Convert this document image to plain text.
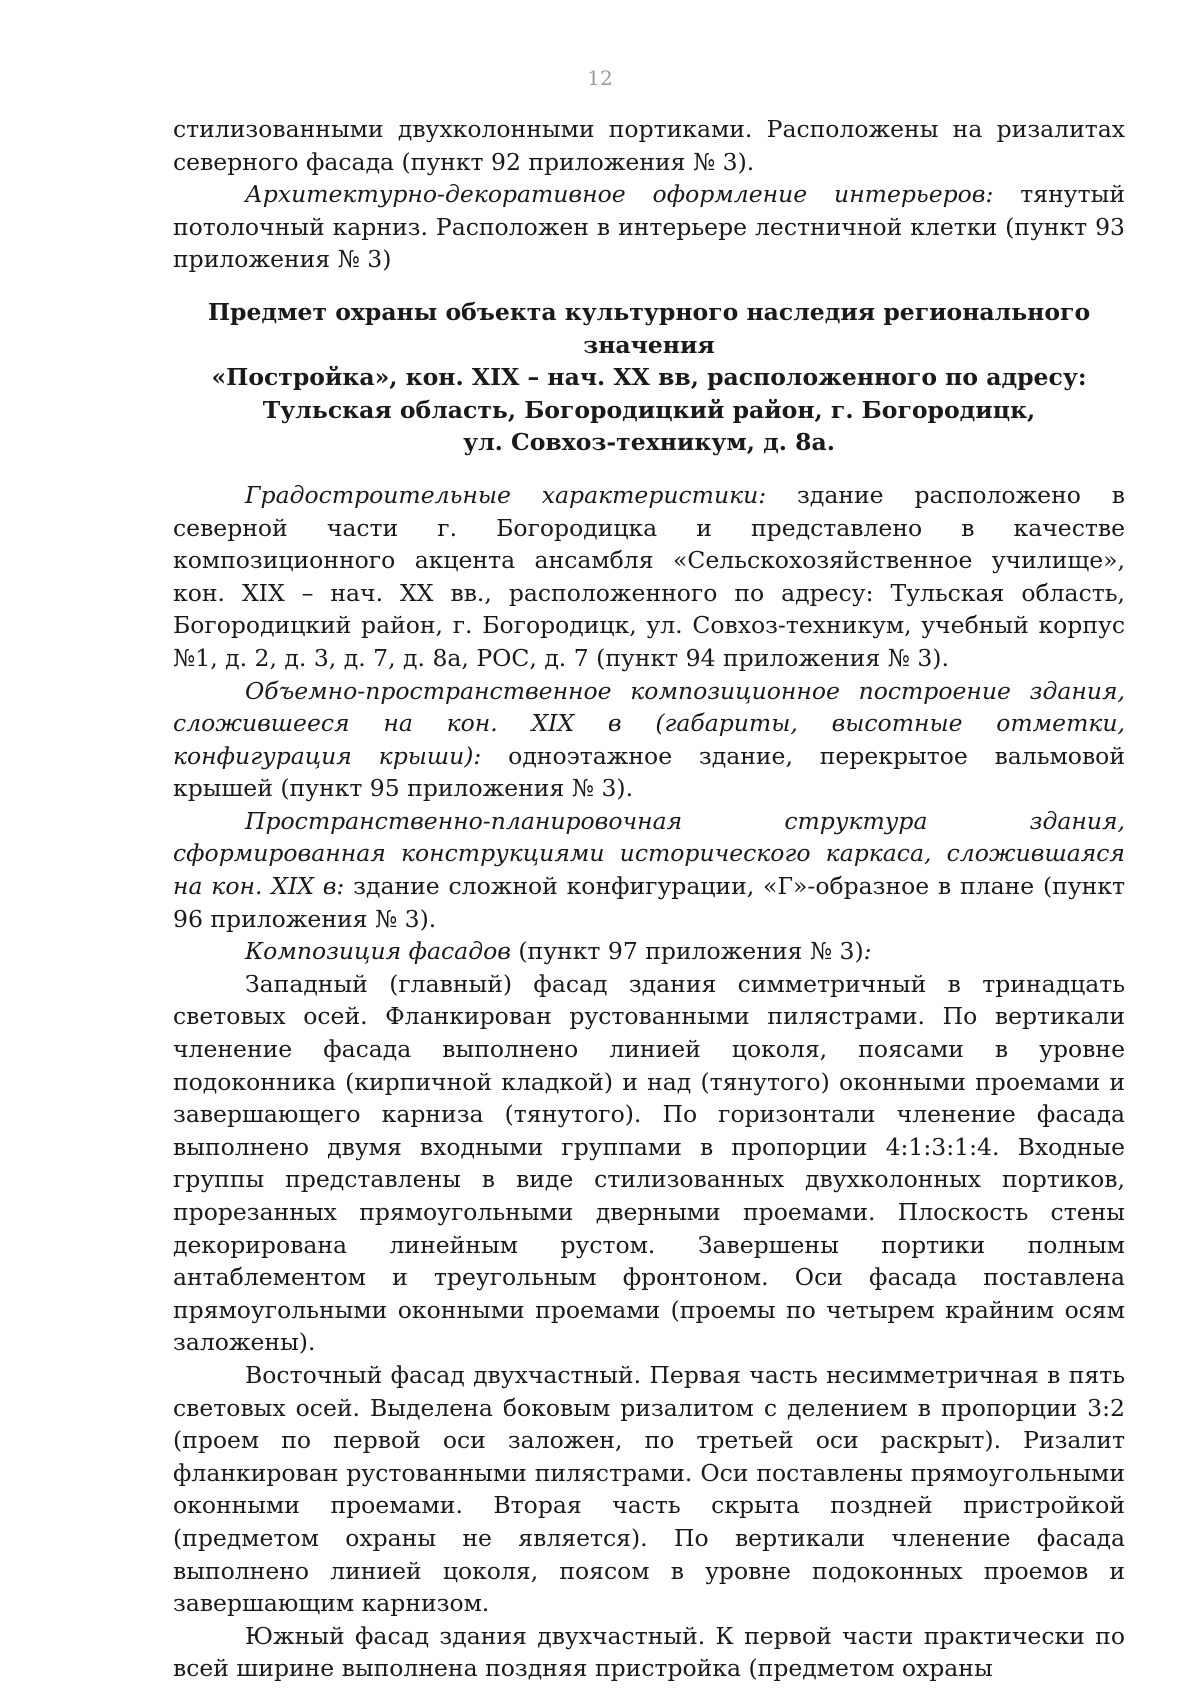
12

стилизованными двухколонными портиками. Расположены на ризалитах северного фасада (пункт 92 приложения № 3).

Архитектурно-декоративное оформление интерьеров: тянутый потолочный карниз. Расположен в интерьере лестничной клетки (пункт 93 приложения № 3)

Предмет охраны объекта культурного наследия регионального значения
«Постройка», кон. XIX – нач. XX вв, расположенного по адресу:
Тульская область, Богородицкий район, г. Богородицк,
ул. Совхоз-техникум, д. 8а.

Градостроительные характеристики: здание расположено в северной части г. Богородицка и представлено в качестве композиционного акцента ансамбля «Сельскохозяйственное училище», кон. XIX – нач. XX вв., расположенного по адресу: Тульская область, Богородицкий район, г. Богородицк, ул. Совхоз-техникум, учебный корпус №1, д. 2, д. 3, д. 7, д. 8а, РОС, д. 7 (пункт 94 приложения № 3).

Объемно-пространственное композиционное построение здания, сложившееся на кон. XIX в (габариты, высотные отметки, конфигурация крыши): одноэтажное здание, перекрытое вальмовой крышей (пункт 95 приложения № 3).

Пространственно-планировочная структура здания, сформированная конструкциями исторического каркаса, сложившаяся на кон. XIX в: здание сложной конфигурации, «Г»-образное в плане (пункт 96 приложения № 3).

Композиция фасадов (пункт 97 приложения № 3):

Западный (главный) фасад здания симметричный в тринадцать световых осей. Фланкирован рустованными пилястрами. По вертикали членение фасада выполнено линией цоколя, поясами в уровне подоконника (кирпичной кладкой) и над (тянутого) оконными проемами и завершающего карниза (тянутого). По горизонтали членение фасада выполнено двумя входными группами в пропорции 4:1:3:1:4. Входные группы представлены в виде стилизованных двухколонных портиков, прорезанных прямоугольными дверными проемами. Плоскость стены декорирована линейным рустом. Завершены портики полным антаблементом и треугольным фронтоном. Оси фасада поставлена прямоугольными оконными проемами (проемы по четырем крайним осям заложены).

Восточный фасад двухчастный. Первая часть несимметричная в пять световых осей. Выделена боковым ризалитом с делением в пропорции 3:2 (проем по первой оси заложен, по третьей оси раскрыт). Ризалит фланкирован рустованными пилястрами. Оси поставлены прямоугольными оконными проемами. Вторая часть скрыта поздней пристройкой (предметом охраны не является). По вертикали членение фасада выполнено линией цоколя, поясом в уровне подоконных проемов и завершающим карнизом.

Южный фасад здания двухчастный. К первой части практически по всей ширине выполнена поздняя пристройка (предметом охраны
